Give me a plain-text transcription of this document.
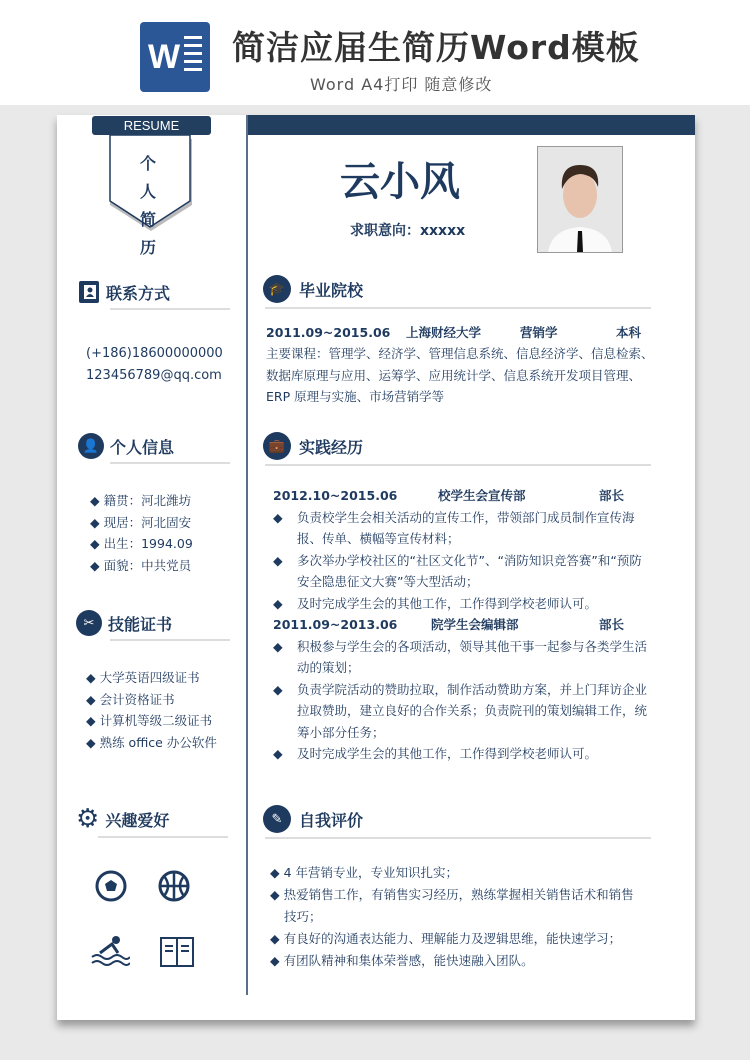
W 简洁应届生简历Word模板
Word A4打印 随意修改
RESUME
个 人
简 历
云小风
求职意向：xxxxx
联系方式
(+186)18600000000
123456789@qq.com
👤 个人信息
◆ 籍贯：河北潍坊
◆ 现居：河北固安
◆ 出生：1994.09
◆ 面貌：中共党员
✂ 技能证书
◆ 大学英语四级证书
◆ 会计资格证书
◆ 计算机等级二级证书
◆ 熟练 office 办公软件
⚙ 兴趣爱好
🎓 毕业院校
2011.09~2015.06 上海财经大学	营销学	本科
主要课程：管理学、经济学、管理信息系统、信息经济学、信息检索、数据库原理与应用、运筹学、应用统计学、信息系统开发项目管理、ERP 原理与实施、市场营销学等
💼 实践经历
2012.10~2015.06	校学生会宣传部	部长
◆	负责校学生会相关活动的宣传工作，带领部门成员制作宣传海报、传单、横幅等宣传材料；
◆	多次举办学校社区的“社区文化节”、“消防知识竞答赛”和“预防安全隐患征文大赛”等大型活动；
◆	及时完成学生会的其他工作，工作得到学校老师认可。
2011.09~2013.06	院学生会编辑部	部长
◆	积极参与学生会的各项活动，领导其他干事一起参与各类学生活动的策划；
◆	负责学院活动的赞助拉取，制作活动赞助方案，并上门拜访企业拉取赞助，建立良好的合作关系；负责院刊的策划编辑工作，统筹小部分任务；
◆	及时完成学生会的其他工作，工作得到学校老师认可。
✎	自我评价
◆ 4 年营销专业，专业知识扎实；
◆ 热爱销售工作，有销售实习经历，熟练掌握相关销售话术和销售技巧；
◆ 有良好的沟通表达能力、理解能力及逻辑思维，能快速学习；
◆ 有团队精神和集体荣誉感，能快速融入团队。
